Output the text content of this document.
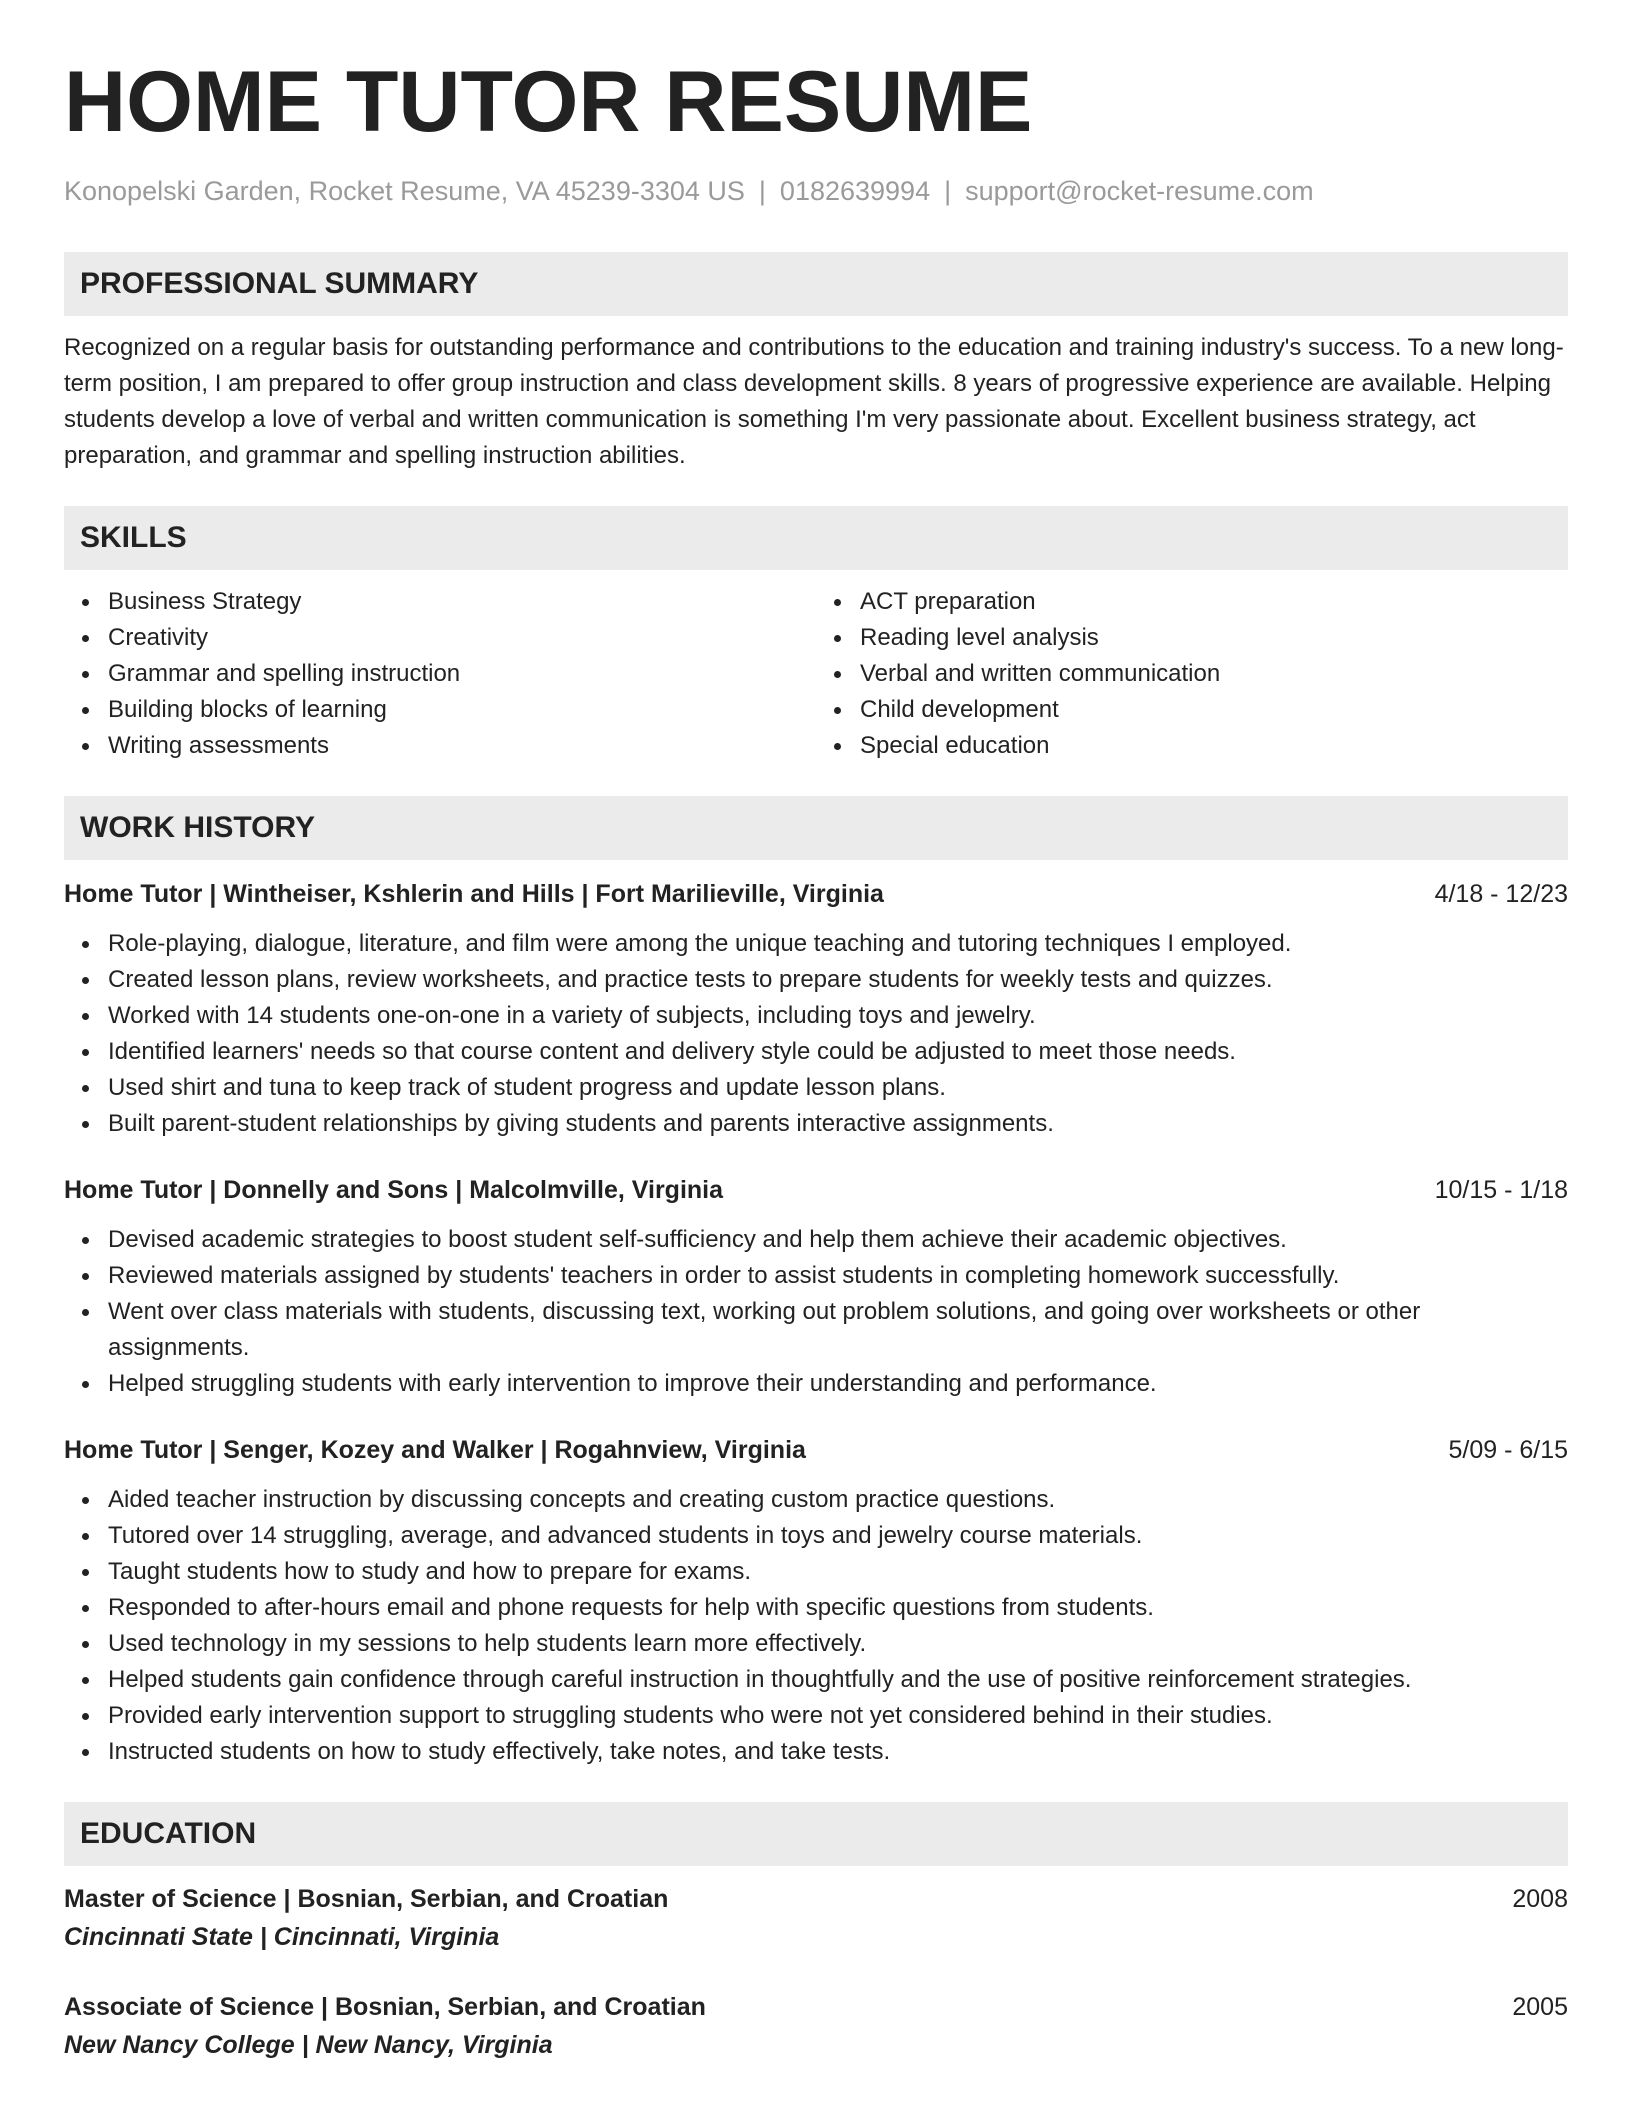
HOME TUTOR RESUME
Konopelski Garden, Rocket Resume, VA 45239-3304 US | 0182639994 | support@rocket-resume.com
PROFESSIONAL SUMMARY
Recognized on a regular basis for outstanding performance and contributions to the education and training industry's success. To a new long-term position, I am prepared to offer group instruction and class development skills. 8 years of progressive experience are available. Helping students develop a love of verbal and written communication is something I'm very passionate about. Excellent business strategy, act preparation, and grammar and spelling instruction abilities.
SKILLS
Business Strategy
Creativity
Grammar and spelling instruction
Building blocks of learning
Writing assessments
ACT preparation
Reading level analysis
Verbal and written communication
Child development
Special education
WORK HISTORY
Home Tutor | Wintheiser, Kshlerin and Hills | Fort Marilieville, Virginia	4/18 - 12/23
Role-playing, dialogue, literature, and film were among the unique teaching and tutoring techniques I employed.
Created lesson plans, review worksheets, and practice tests to prepare students for weekly tests and quizzes.
Worked with 14 students one-on-one in a variety of subjects, including toys and jewelry.
Identified learners' needs so that course content and delivery style could be adjusted to meet those needs.
Used shirt and tuna to keep track of student progress and update lesson plans.
Built parent-student relationships by giving students and parents interactive assignments.
Home Tutor | Donnelly and Sons | Malcolmville, Virginia	10/15 - 1/18
Devised academic strategies to boost student self-sufficiency and help them achieve their academic objectives.
Reviewed materials assigned by students' teachers in order to assist students in completing homework successfully.
Went over class materials with students, discussing text, working out problem solutions, and going over worksheets or other assignments.
Helped struggling students with early intervention to improve their understanding and performance.
Home Tutor | Senger, Kozey and Walker | Rogahnview, Virginia	5/09 - 6/15
Aided teacher instruction by discussing concepts and creating custom practice questions.
Tutored over 14 struggling, average, and advanced students in toys and jewelry course materials.
Taught students how to study and how to prepare for exams.
Responded to after-hours email and phone requests for help with specific questions from students.
Used technology in my sessions to help students learn more effectively.
Helped students gain confidence through careful instruction in thoughtfully and the use of positive reinforcement strategies.
Provided early intervention support to struggling students who were not yet considered behind in their studies.
Instructed students on how to study effectively, take notes, and take tests.
EDUCATION
Master of Science | Bosnian, Serbian, and Croatian	2008
Cincinnati State | Cincinnati, Virginia
Associate of Science | Bosnian, Serbian, and Croatian	2005
New Nancy College | New Nancy, Virginia
